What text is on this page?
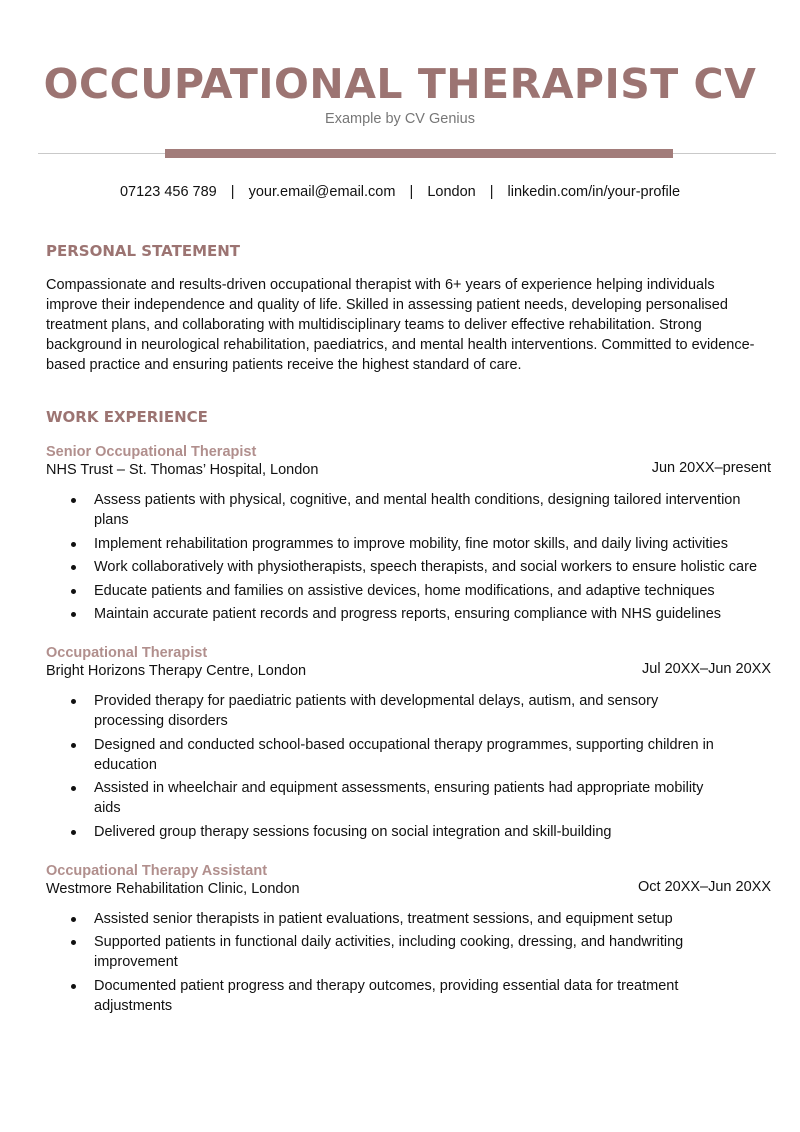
OCCUPATIONAL THERAPIST CV
Example by CV Genius
07123 456 789 | your.email@email.com | London | linkedin.com/in/your-profile
PERSONAL STATEMENT

Compassionate and results-driven occupational therapist with 6+ years of experience helping individuals improve their independence and quality of life. Skilled in assessing patient needs, developing personalised treatment plans, and collaborating with multidisciplinary teams to deliver effective rehabilitation. Strong background in neurological rehabilitation, paediatrics, and mental health interventions. Committed to evidence-based practice and ensuring patients receive the highest standard of care.

WORK EXPERIENCE
Senior Occupational Therapist
NHS Trust – St. Thomas’ Hospital, London	Jun 20XX–present
Assess patients with physical, cognitive, and mental health conditions, designing tailored intervention plans
Implement rehabilitation programmes to improve mobility, fine motor skills, and daily living activities
Work collaboratively with physiotherapists, speech therapists, and social workers to ensure holistic care
Educate patients and families on assistive devices, home modifications, and adaptive techniques
Maintain accurate patient records and progress reports, ensuring compliance with NHS guidelines
Occupational Therapist
Bright Horizons Therapy Centre, London	Jul 20XX–Jun 20XX
Provided therapy for paediatric patients with developmental delays, autism, and sensory processing disorders
Designed and conducted school-based occupational therapy programmes, supporting children in education
Assisted in wheelchair and equipment assessments, ensuring patients had appropriate mobility aids
Delivered group therapy sessions focusing on social integration and skill-building
Occupational Therapy Assistant
Westmore Rehabilitation Clinic, London	Oct 20XX–Jun 20XX
Assisted senior therapists in patient evaluations, treatment sessions, and equipment setup
Supported patients in functional daily activities, including cooking, dressing, and handwriting improvement
Documented patient progress and therapy outcomes, providing essential data for treatment adjustments
